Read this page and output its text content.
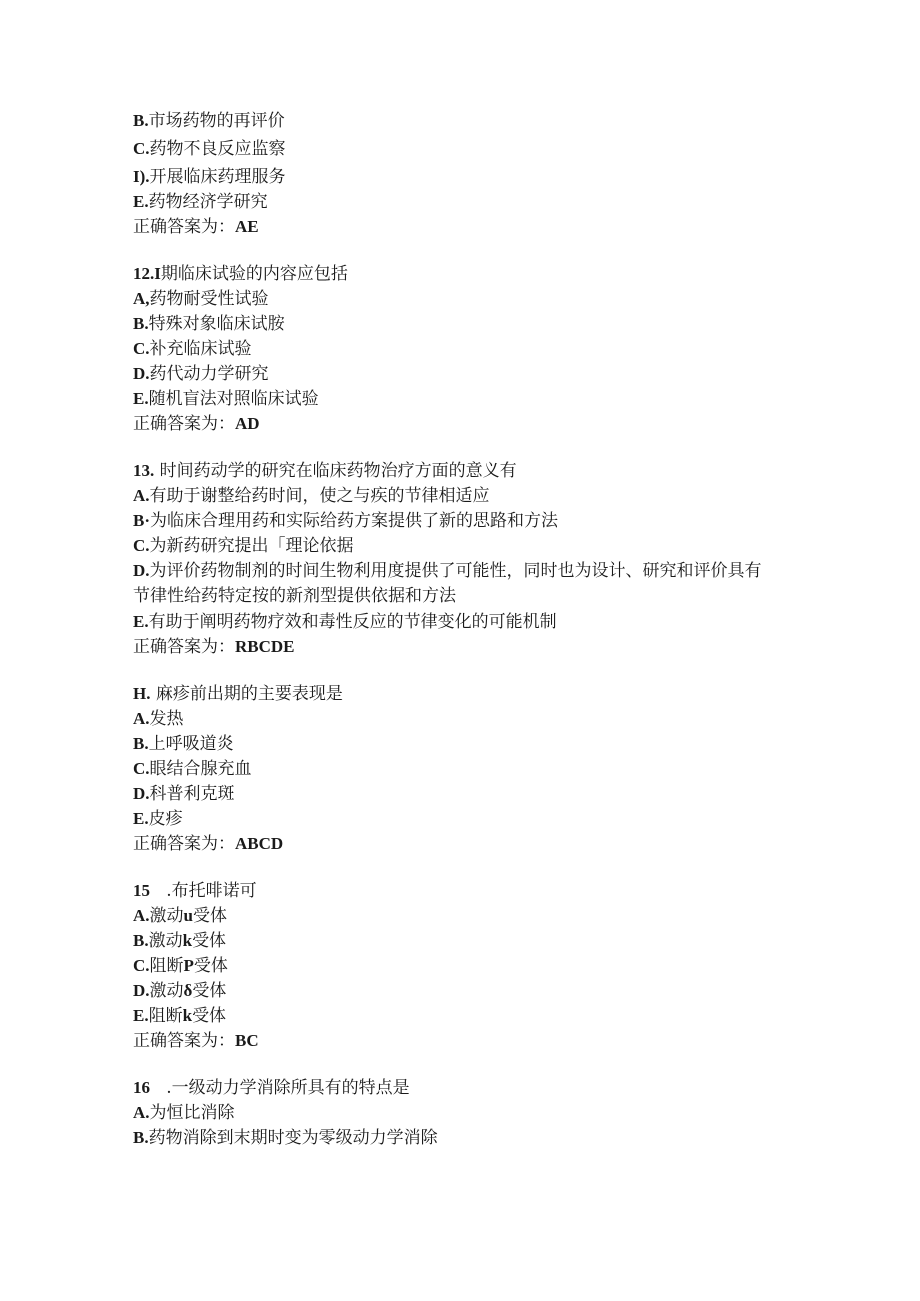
B.市场药物的再评价
C.药物不良反应监察
I).开展临床药理服务
E.药物经济学研究
正确答案为：AE
12.I期临床试验的内容应包括
A,药物耐受性试验
B.特殊对象临床试胺
C.补充临床试验
D.药代动力学研究
E.随机盲法对照临床试验
正确答案为：AD
13. 时间药动学的研究在临床药物治疗方面的意义有
A.有助于谢整给药时间，使之与疾的节律相适应
B·为临床合理用药和实际给药方案提供了新的思路和方法
C.为新药研究提出「理论依据
D.为评价药物制剂的时间生物利用度提供了可能性，同时也为设计、研究和评价具有节律性给药特定按的新剂型提供依据和方法
E.有助于阐明药物疗效和毒性反应的节律变化的可能机制
正确答案为：RBCDE
H. 麻疹前出期的主要表现是
A.发热
B.上呼吸道炎
C.眼结合腺充血
D.科普利克斑
E.皮疹
正确答案为：ABCD
15   .布托啡诺可
A.激动u受体
B.激动k受体
C.阻断P受体
D.激动δ受体
E.阻断k受体
正确答案为：BC
16   .一级动力学消除所具有的特点是
A.为恒比消除
B.药物消除到末期时变为零级动力学消除
